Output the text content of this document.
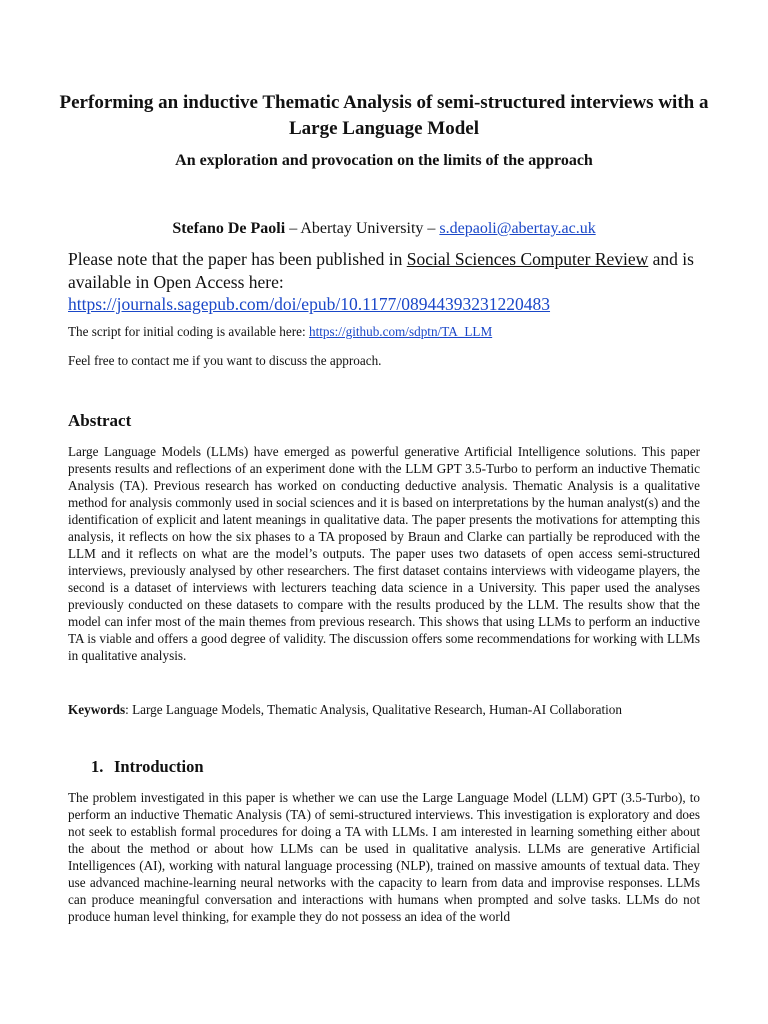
Performing an inductive Thematic Analysis of semi-structured interviews with a Large Language Model
An exploration and provocation on the limits of the approach
Stefano De Paoli – Abertay University – s.depaoli@abertay.ac.uk
Please note that the paper has been published in Social Sciences Computer Review and is available in Open Access here:
https://journals.sagepub.com/doi/epub/10.1177/08944393231220483
The script for initial coding is available here: https://github.com/sdptn/TA_LLM
Feel free to contact me if you want to discuss the approach.
Abstract
Large Language Models (LLMs) have emerged as powerful generative Artificial Intelligence solutions. This paper presents results and reflections of an experiment done with the LLM GPT 3.5-Turbo to perform an inductive Thematic Analysis (TA). Previous research has worked on conducting deductive analysis. Thematic Analysis is a qualitative method for analysis commonly used in social sciences and it is based on interpretations by the human analyst(s) and the identification of explicit and latent meanings in qualitative data. The paper presents the motivations for attempting this analysis, it reflects on how the six phases to a TA proposed by Braun and Clarke can partially be reproduced with the LLM and it reflects on what are the model’s outputs. The paper uses two datasets of open access semi-structured interviews, previously analysed by other researchers. The first dataset contains interviews with videogame players, the second is a dataset of interviews with lecturers teaching data science in a University. This paper used the analyses previously conducted on these datasets to compare with the results produced by the LLM. The results show that the model can infer most of the main themes from previous research. This shows that using LLMs to perform an inductive TA is viable and offers a good degree of validity. The discussion offers some recommendations for working with LLMs in qualitative analysis.
Keywords: Large Language Models, Thematic Analysis, Qualitative Research, Human-AI Collaboration
1. Introduction
The problem investigated in this paper is whether we can use the Large Language Model (LLM) GPT (3.5-Turbo), to perform an inductive Thematic Analysis (TA) of semi-structured interviews. This investigation is exploratory and does not seek to establish formal procedures for doing a TA with LLMs. I am interested in learning something either about the about the method or about how LLMs can be used in qualitative analysis. LLMs are generative Artificial Intelligences (AI), working with natural language processing (NLP), trained on massive amounts of textual data. They use advanced machine-learning neural networks with the capacity to learn from data and improvise responses. LLMs can produce meaningful conversation and interactions with humans when prompted and solve tasks. LLMs do not produce human level thinking, for example they do not possess an idea of the world
